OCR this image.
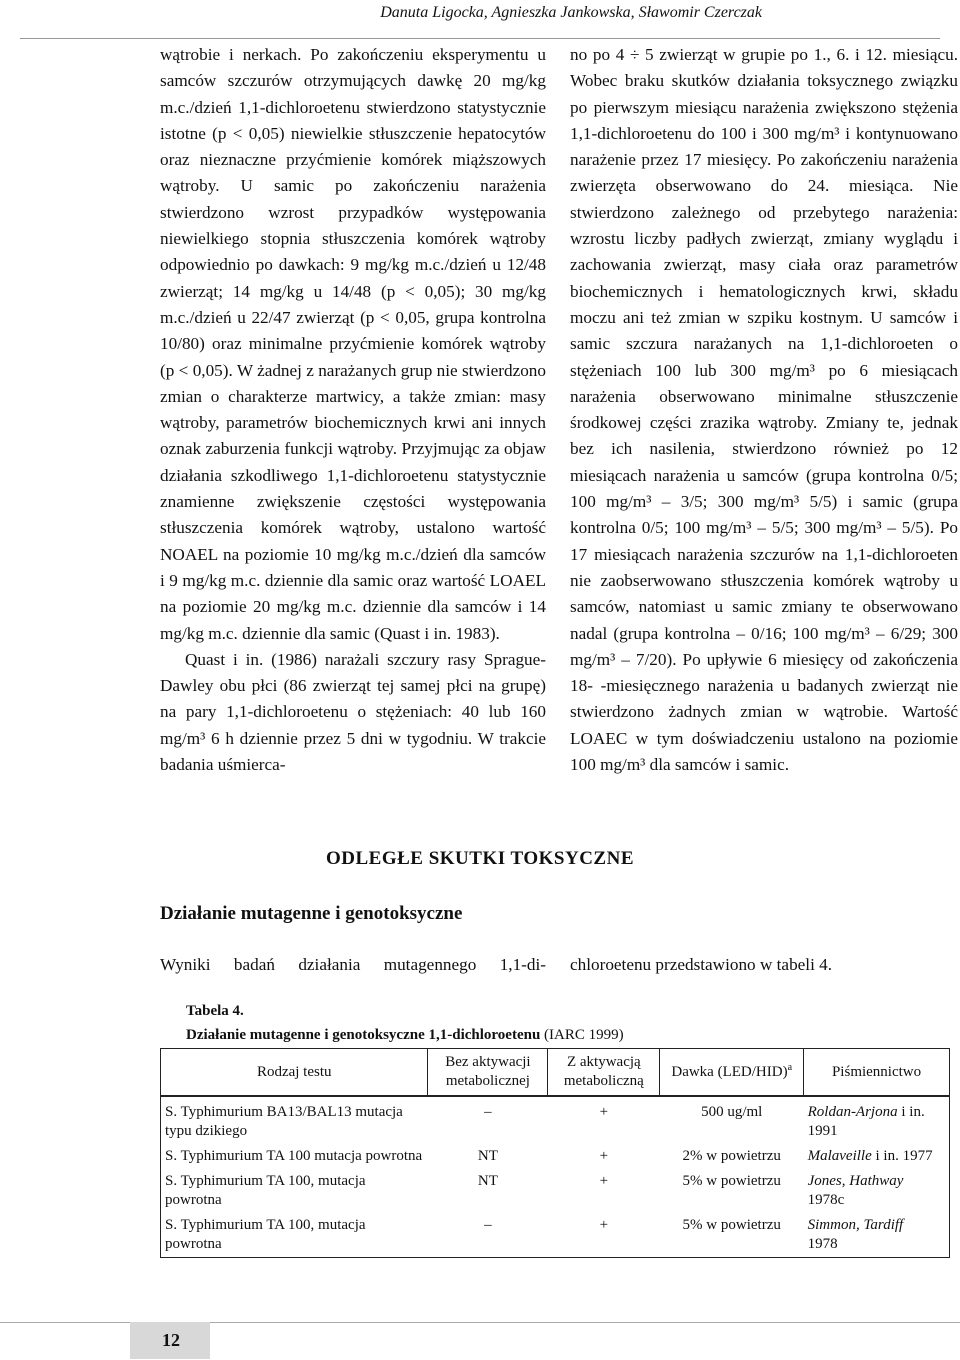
Danuta Ligocka, Agnieszka Jankowska, Sławomir Czerczak

wątrobie i nerkach. Po zakończeniu eksperymentu u samców szczurów otrzymujących dawkę 20 mg/kg m.c./dzień 1,1-dichloroetenu stwierdzono statystycznie istotne (p < 0,05) niewielkie stłuszczenie hepatocytów oraz nieznaczne przyćmienie komórek miąższowych wątroby. U samic po zakończeniu narażenia stwierdzono wzrost przypadków występowania niewielkiego stopnia stłuszczenia komórek wątroby odpowiednio po dawkach: 9 mg/kg m.c./dzień u 12/48 zwierząt; 14 mg/kg u 14/48 (p < 0,05); 30 mg/kg m.c./dzień u 22/47 zwierząt (p < 0,05, grupa kontrolna 10/80) oraz minimalne przyćmienie komórek wątroby (p < 0,05). W żadnej z narażanych grup nie stwierdzono zmian o charakterze martwicy, a także zmian: masy wątroby, parametrów biochemicznych krwi ani innych oznak zaburzenia funkcji wątroby. Przyjmując za objaw działania szkodliwego 1,1-dichloroetenu statystycznie znamienne zwiększenie częstości występowania stłuszczenia komórek wątroby, ustalono wartość NOAEL na poziomie 10 mg/kg m.c./dzień dla samców i 9 mg/kg m.c. dziennie dla samic oraz wartość LOAEL na poziomie 20 mg/kg m.c. dziennie dla samców i 14 mg/kg m.c. dziennie dla samic (Quast i in. 1983).

Quast i in. (1986) narażali szczury rasy Sprague-Dawley obu płci (86 zwierząt tej samej płci na grupę) na pary 1,1-dichloroetenu o stężeniach: 40 lub 160 mg/m³ 6 h dziennie przez 5 dni w tygodniu. W trakcie badania uśmierca-

no po 4 ÷ 5 zwierząt w grupie po 1., 6. i 12. miesiącu. Wobec braku skutków działania toksycznego związku po pierwszym miesiącu narażenia zwiększono stężenia 1,1-dichloroetenu do 100 i 300 mg/m³ i kontynuowano narażenie przez 17 miesięcy. Po zakończeniu narażenia zwierzęta obserwowano do 24. miesiąca. Nie stwierdzono zależnego od przebytego narażenia: wzrostu liczby padłych zwierząt, zmiany wyglądu i zachowania zwierząt, masy ciała oraz parametrów biochemicznych i hematologicznych krwi, składu moczu ani też zmian w szpiku kostnym. U samców i samic szczura narażanych na 1,1-dichloroeten o stężeniach 100 lub 300 mg/m³ po 6 miesiącach narażenia obserwowano minimalne stłuszczenie środkowej części zrazika wątroby. Zmiany te, jednak bez ich nasilenia, stwierdzono również po 12 miesiącach narażenia u samców (grupa kontrolna 0/5; 100 mg/m³ – 3/5; 300 mg/m³ 5/5) i samic (grupa kontrolna 0/5; 100 mg/m³ – 5/5; 300 mg/m³ – 5/5). Po 17 miesiącach narażenia szczurów na 1,1-dichloroeten nie zaobserwowano stłuszczenia komórek wątroby u samców, natomiast u samic zmiany te obserwowano nadal (grupa kontrolna – 0/16; 100 mg/m³ – 6/29; 300 mg/m³ – 7/20). Po upływie 6 miesięcy od zakończenia 18- -miesięcznego narażenia u badanych zwierząt nie stwierdzono żadnych zmian w wątrobie. Wartość LOAEC w tym doświadczeniu ustalono na poziomie 100 mg/m³ dla samców i samic.

ODLEGŁE SKUTKI TOKSYCZNE
Działanie mutagenne i genotoksyczne
Wyniki badań działania mutagennego 1,1-di- chloroetenu przedstawiono w tabeli 4.
Tabela 4.
Działanie mutagenne i genotoksyczne 1,1-dichloroetenu (IARC 1999)
Rodzaj testu	Bez aktywacji metabolicznej	Z aktywacją metaboliczną	Dawka $(LED/HID)^a$	Piśmiennictwo
S. Typhimurium BA13/BAL13 mutacja typu dzikiego	–	+	500 ug/ml	Roldan-Arjona i in. 1991
S. Typhimurium TA 100 mutacja powrotna	NT	+	2% w powietrzu	Malaveille i in. 1977
S. Typhimurium TA 100, mutacja powrotna	NT	+	5% w powietrzu	Jones, Hathway
1978c
S. Typhimurium TA 100, mutacja powrotna	–	+	5% w powietrzu	Simmon, Tardiff
1978
12
